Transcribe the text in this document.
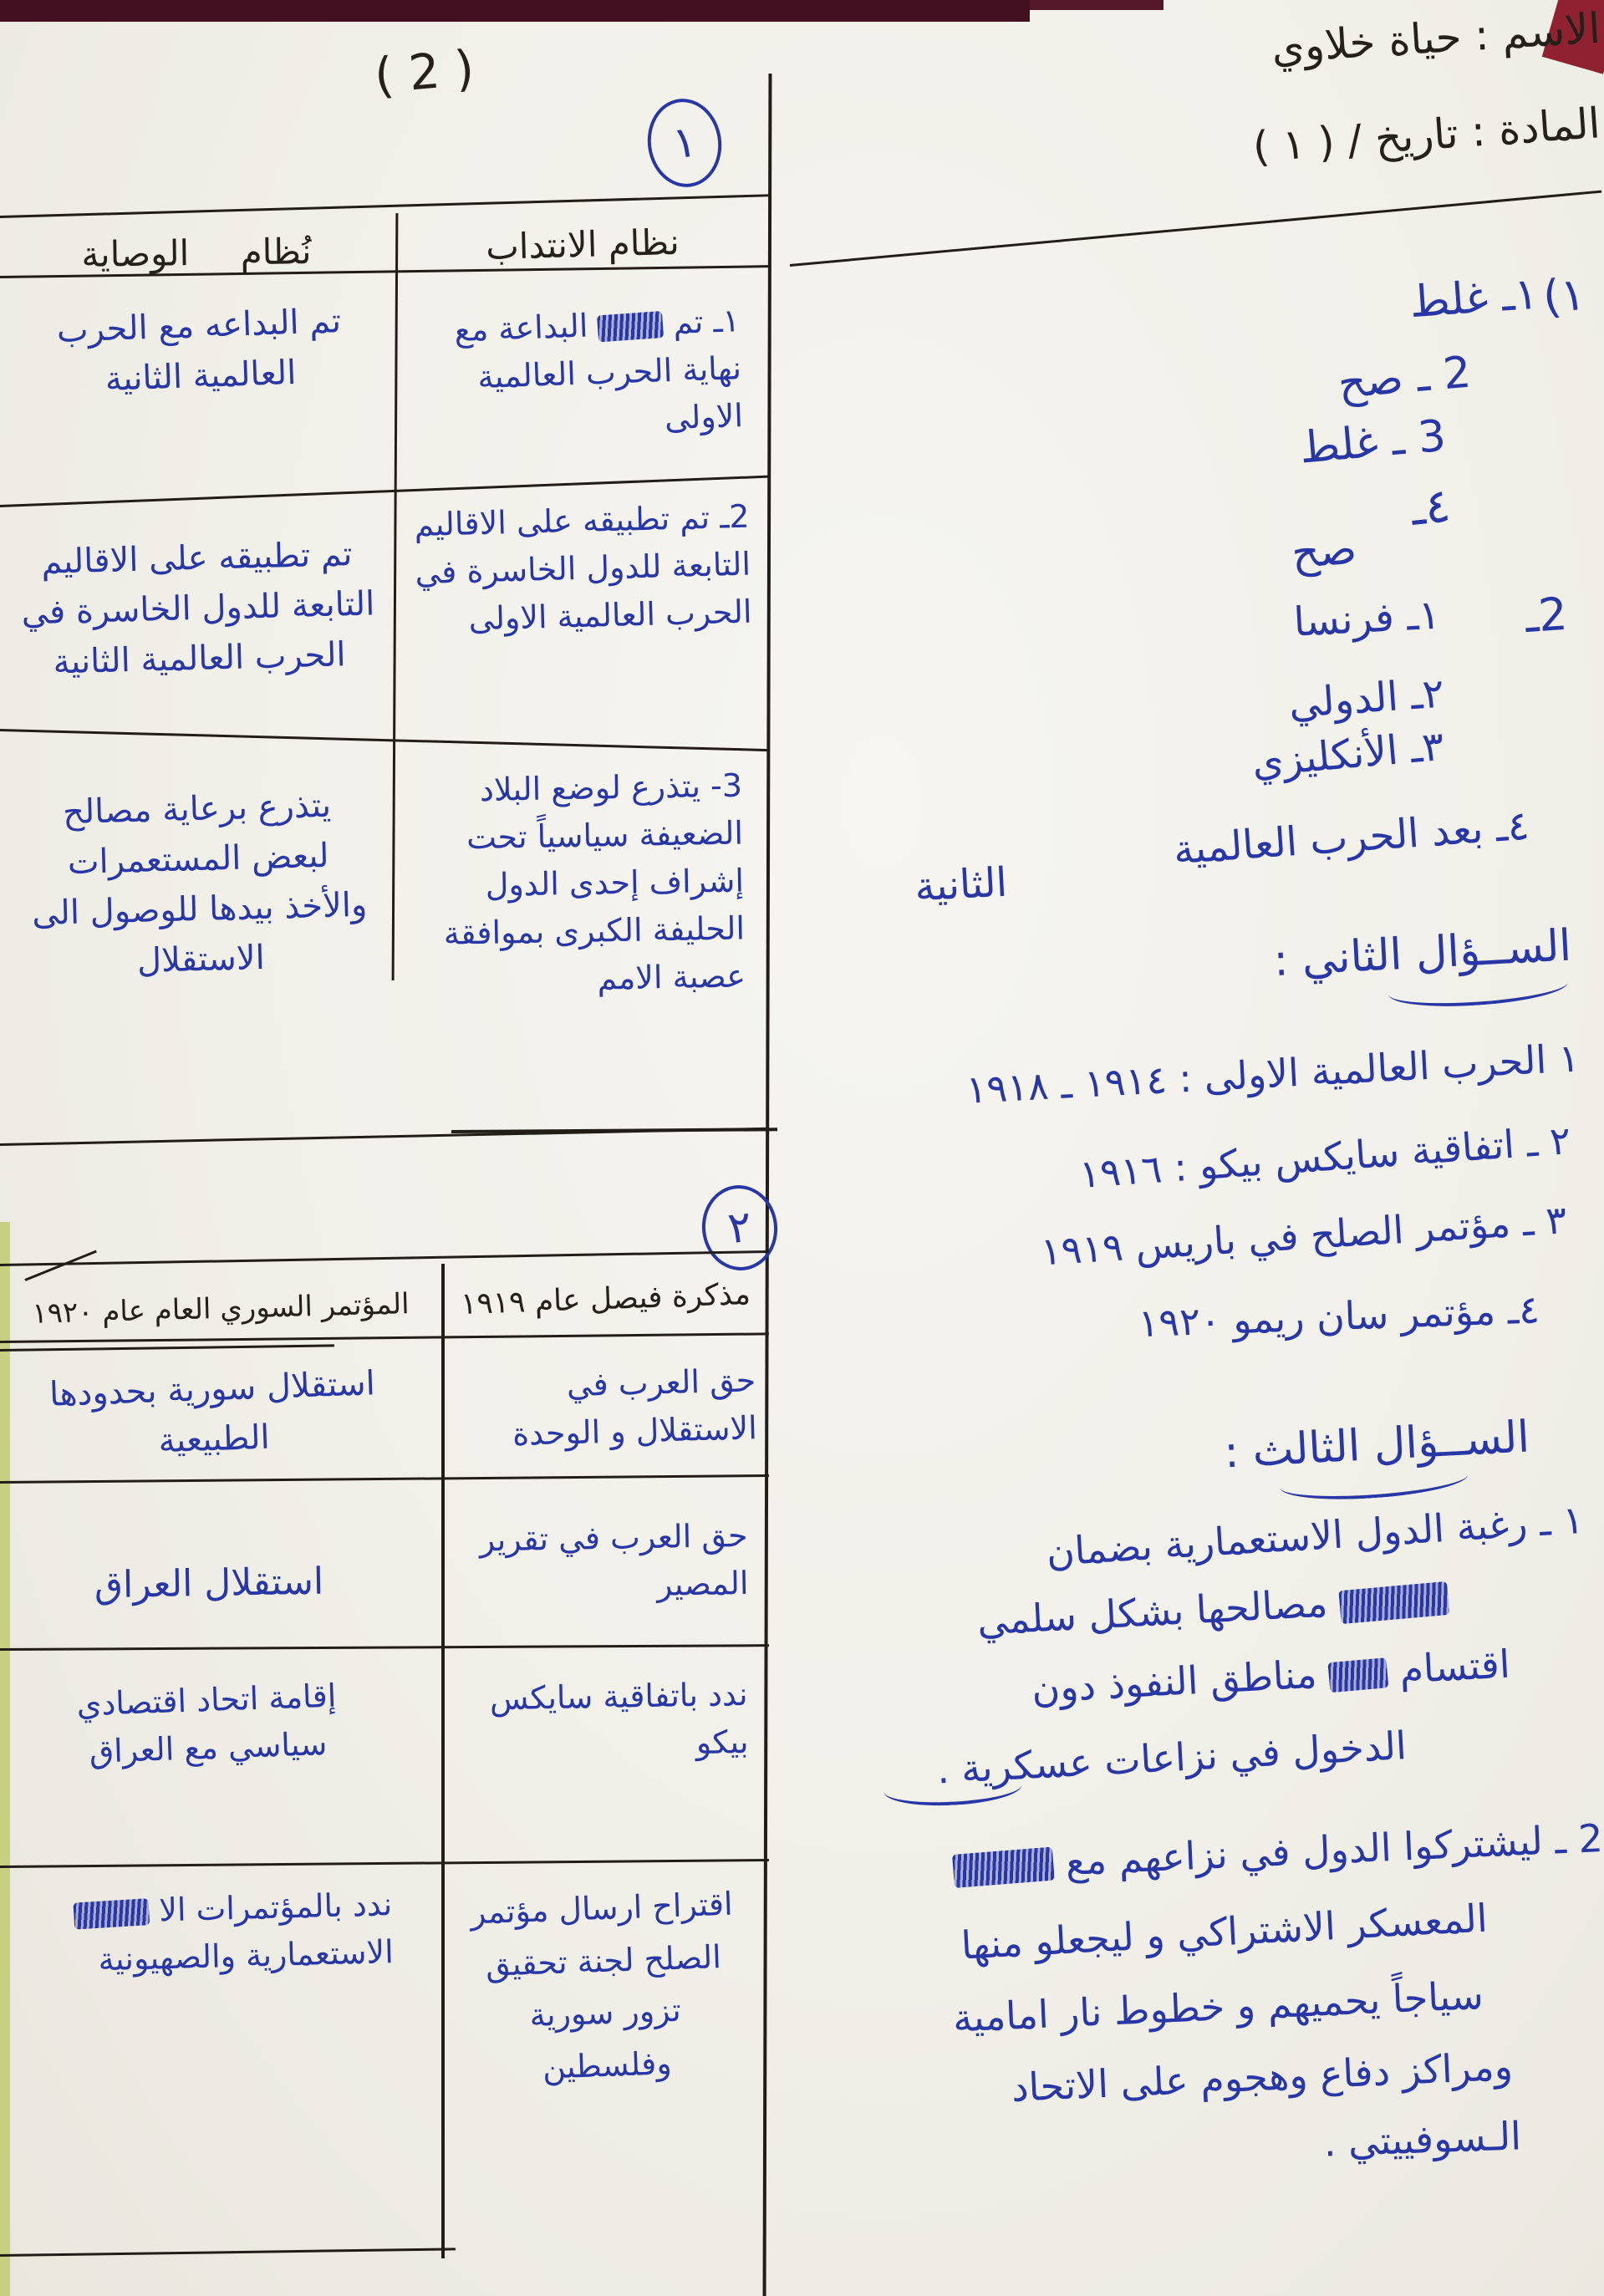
( 2 )
١
٢
نظام الانتداب
نُظام الوصاية
١ـ تم  البداعة مع نهاية الحرب العالمية الاولى
تم البداعه مع الحرب العالمية الثانية
2ـ تم تطبيقه على الاقاليم التابعة للدول الخاسرة في الحرب العالمية الاولى
تم تطبيقه على الاقاليم التابعة للدول الخاسرة في الحرب العالمية الثانية
3- يتذرع لوضع البلاد الضعيفة سياسياً تحت إشراف إحدى الدول الحليفة الكبرى بموافقة عصبة الامم
يتذرع برعاية مصالح لبعض المستعمرات والأخذ بيدها للوصول الى الاستقلال
مذكرة فيصل عام ١٩١٩
المؤتمر السوري العام عام ١٩٢٠
حق العرب في الاستقلال و الوحدة
استقلال سورية بحدودها الطبيعية
حق العرب في تقرير المصير
استقلال العراق
ندد باتفاقية سايكس بيكو
إقامة اتحاد اقتصادي سياسي مع العراق
اقتراح ارسال مؤتمر الصلح لجنة تحقيق تزور سورية وفلسطين
ندد بالمؤتمرات الا  الاستعمارية والصهيونية
الاسم : حياة خلاوي
المادة : تاريخ / ( ١ )
١)
١ـ غلط
2 ـ صح
3 ـ غلط
٤ـ
صح
2ـ
١ـ فرنسا
٢ـ الدولي
٣ـ الأنكليزي
٤ـ بعد الحرب العالمية
الثانية
الســؤال الثاني :
١ الحرب العالمية الاولى : ١٩١٤ ـ ١٩١٨
٢ ـ اتفاقية سايكس بيكو : ١٩١٦
٣ ـ مؤتمر الصلح في باريس ١٩١٩
٤ـ مؤتمر سان ريمو ١٩٢٠
الســؤال الثالث :
١ ـ رغبة الدول الاستعمارية بضمان
مصالحها بشكل سلمي
اقتسام  مناطق النفوذ دون
الدخول في نزاعات عسكرية .
2 ـ ليشتركوا الدول في نزاعهم مع
المعسكر الاشتراكي و ليجعلو منها
سياجاً يحميهم و خطوط نار امامية
ومراكز دفاع وهجوم على الاتحاد
الـسوفييتي .
